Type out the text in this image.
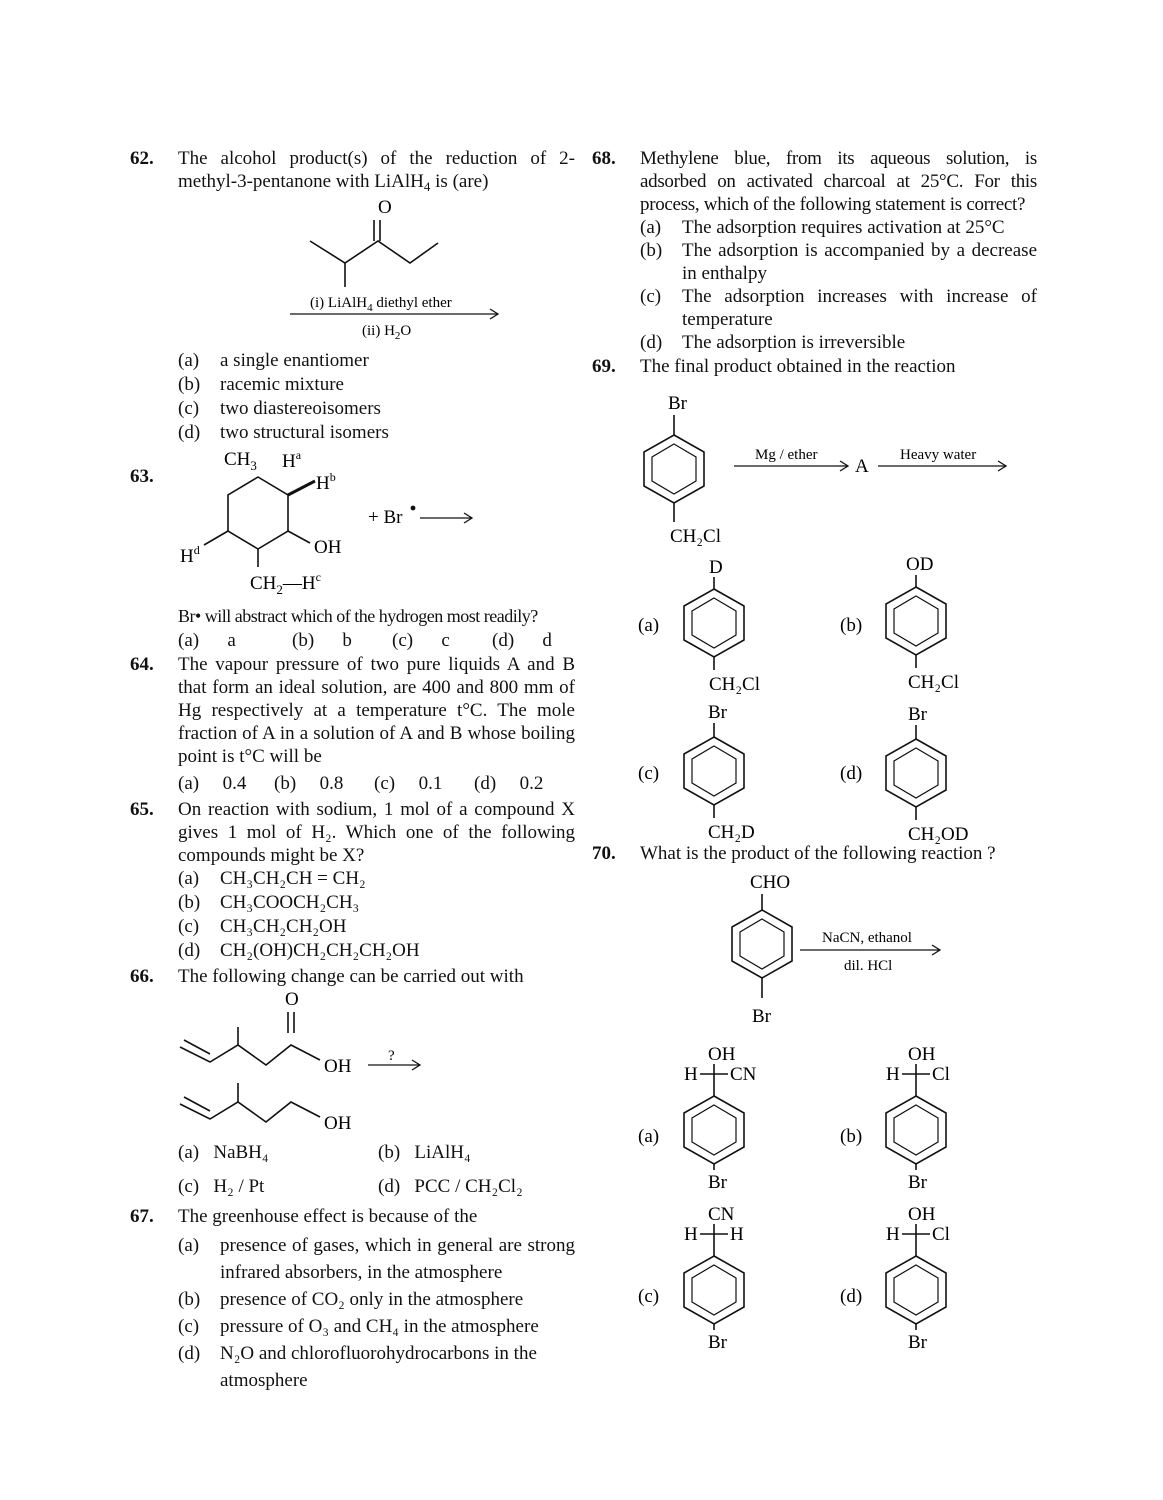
62. The alcohol product(s) of the reduction of 2-methyl-3-pentanone with LiAlH$_4$ is (are)
O
(i) LiAlH$_4$ diethyl ether
(ii) $H_2O$
(a) a single enantiomer
(b) racemic mixture
(c) two diastereoisomers
(d) two structural isomers
63.
$CH_3$ $H^a$
$H^b$
OH
$H^d$
$CH_2—H^c$
+ Br
Br• will abstract which of the hydrogen most readily?
(a) a	(b) b	(c) c	(d) d
64. The vapour pressure of two pure liquids A and B that form an ideal solution, are 400 and 800 mm of Hg respectively at a temperature t°C. The mole fraction of A in a solution of A and B whose boiling point is t°C will be
(a) 0.4	(b) 0.8	(c) 0.1	(d) 0.2
65. On reaction with sodium, 1 mol of a compound X gives 1 mol of H₂. Which one of the following compounds might be X?
(a) CH₃CH₂CH = CH₂
(b) CH₃COOCH₂CH₃
(c) CH₃CH₂CH₂OH
(d) CH₂(OH)CH₂CH₂CH₂OH
66. The following change can be carried out with
O
OH ?
OH
(a) NaBH₄	(b) LiAlH₄
(c) H₂ / Pt	(d) PCC / CH₂Cl₂
67. The greenhouse effect is because of the
(a) presence of gases, which in general are strong infrared absorbers, in the atmosphere
(b) presence of CO₂ only in the atmosphere
(c) pressure of O₃ and CH₄ in the atmosphere
(d) N₂O and chlorofluorohydrocarbons in the atmosphere
68. Methylene blue, from its aqueous solution, is adsorbed on activated charcoal at 25°C. For this process, which of the following statement is correct?
(a) The adsorption requires activation at 25°C
(b) The adsorption is accompanied by a decrease in enthalpy
(c) The adsorption increases with increase of temperature
(d) The adsorption is irreversible
69. The final product obtained in the reaction
Br
CH₂Cl
Mg / ether
A
Heavy water
(a)
D
CH₂Cl
(b)
OD
CH₂Cl
(c)
Br
CH₂D
(d)
Br
CH₂OD
70. What is the product of the following reaction ?
CHO
Br
NaCN, ethanol
dil. HCl
(a)
OH
H CN
Br
(b)
OH
H Cl
Br
(c)
CN
H H
Br
(d)
OH
H Cl
Br
